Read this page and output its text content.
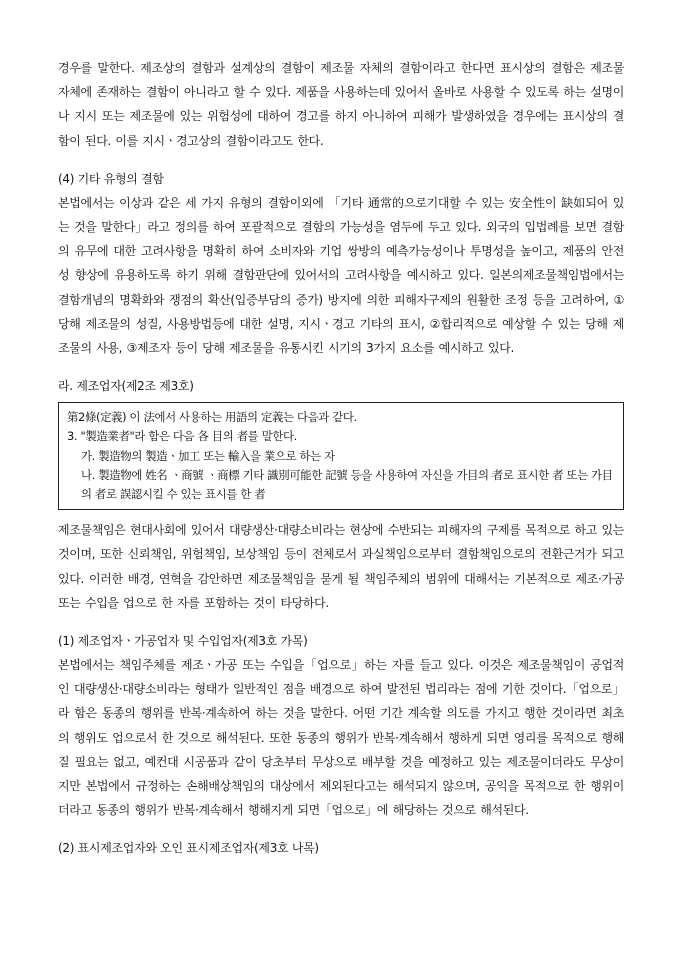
경우를 말한다. 제조상의 결함과 설계상의 결함이 제조물 자체의 결함이라고 한다면 표시상의 결함은 제조물 자체에 존재하는 결함이 아니라고 할 수 있다. 제품을 사용하는데 있어서 올바로 사용할 수 있도록 하는 설명이나 지시 또는 제조물에 있는 위험성에 대하여 경고를 하지 아니하여 피해가 발생하였을 경우에는 표시상의 결함이 된다. 이를 지시ㆍ경고상의 결함이라고도 한다.

(4) 기타 유형의 결함

본법에서는 이상과 같은 세 가지 유형의 결함이외에 「기타 通常的으로기대할 수 있는 安全性이 缺如되어 있는 것을 말한다」라고 정의를 하여 포괄적으로 결함의 가능성을 염두에 두고 있다. 외국의 입법례를 보면 결함의 유무에 대한 고려사항을 명확히 하여 소비자와 기업 쌍방의 예측가능성이나 투명성을 높이고, 제품의 안전성 향상에 유용하도록 하기 위해 결함판단에 있어서의 고려사항을 예시하고 있다. 일본의제조물책임법에서는 결함개념의 명확화와 쟁점의 확산(입증부담의 증가) 방지에 의한 피해자구제의 원활한 조정 등을 고려하여, ①당해 제조물의 성질, 사용방법등에 대한 설명, 지시ㆍ경고 기타의 표시, ②합리적으로 예상할 수 있는 당해 제조물의 사용, ③제조자 등이 당해 제조물을 유통시킨 시기의 3가지 요소를 예시하고 있다.

라. 제조업자(제2조 제3호)

第2條(定義) 이 法에서 사용하는 用語의 定義는 다음과 같다.

3. "製造業者"라 함은 다음 各 目의 者를 말한다.

가. 製造物의 製造ㆍ加工 또는 輸入을 業으로 하는 자

나. 製造物에 姓名 ㆍ商號 ㆍ商標 기타 識別可能한 記號 등을 사용하여 자신을 가目의 者로 표시한 者 또는 가目의 者로 誤認시킬 수 있는 표시를 한 者

제조물책임은 현대사회에 있어서 대량생산·대량소비라는 현상에 수반되는 피해자의 구제를 목적으로 하고 있는 것이며, 또한 신뢰책임, 위험책임, 보상책임 등이 전체로서 과실책임으로부터 결함책임으로의 전환근거가 되고 있다. 이러한 배경, 연혁을 감안하면 제조물책임을 묻게 될 책임주체의 범위에 대해서는 기본적으로 제조·가공 또는 수입을 업으로 한 자를 포함하는 것이 타당하다.

(1) 제조업자ㆍ가공업자 및 수입업자(제3호 가목)

본법에서는 책임주체를 제조ㆍ가공 또는 수입을「업으로」하는 자를 들고 있다. 이것은 제조물책임이 공업적인 대량생산·대량소비라는 형태가 일반적인 점을 배경으로 하여 발전된 법리라는 점에 기한 것이다.「업으로」라 함은 동종의 행위를 반복·계속하여 하는 것을 말한다. 어떤 기간 계속할 의도를 가지고 행한 것이라면 최초의 행위도 업으로서 한 것으로 해석된다. 또한 동종의 행위가 반복·계속해서 행하게 되면 영리를 목적으로 행해질 필요는 없고, 예컨대 시공품과 같이 당초부터 무상으로 배부할 것을 예정하고 있는 제조물이더라도 무상이지만 본법에서 규정하는 손해배상책임의 대상에서 제외된다고는 해석되지 않으며, 공익을 목적으로 한 행위이더라고 동종의 행위가 반복·계속해서 행해지게 되면「업으로」에 해당하는 것으로 해석된다.

(2) 표시제조업자와 오인 표시제조업자(제3호 나목)
